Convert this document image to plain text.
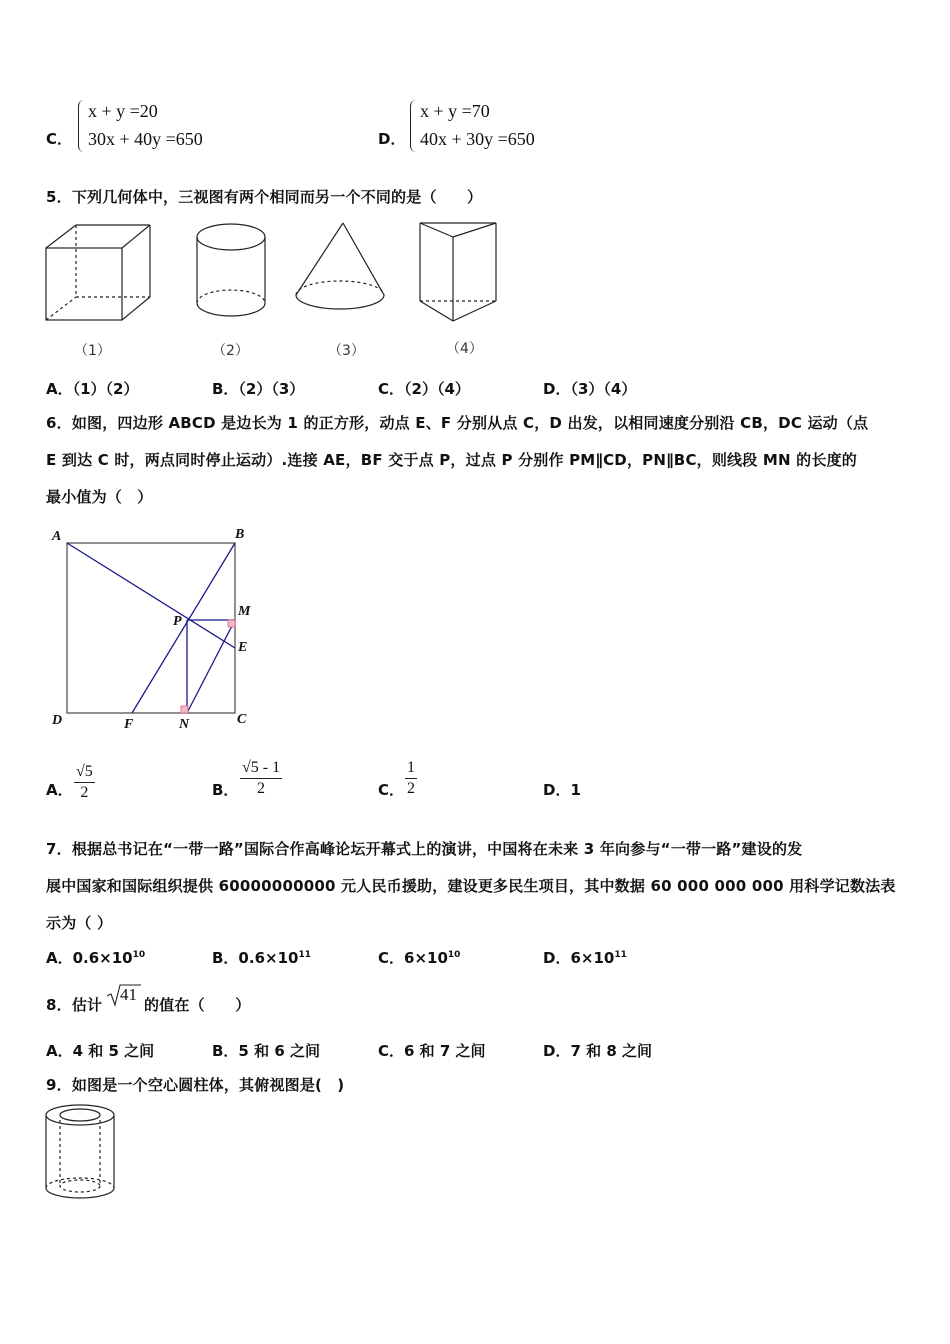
C．
x + y =20
30x + 40y =650	D．
x + y =70
40x + 30y =650
5．下列几何体中，三视图有两个相同而另一个不同的是（　　）
（1）	（2）	（3）	（4）
A．（1）（2）	B．（2）（3）	C．（2）（4）	D．（3）（4）
6．如图，四边形 ABCD 是边长为 1 的正方形，动点 E、F 分别从点 C，D 出发，以相同速度分别沿 CB，DC 运动（点
E 到达 C 时，两点同时停止运动）.连接 AE，BF 交于点 P，过点 P 分别作 PM∥CD，PN∥BC，则线段 MN 的长度的
最小值为（　）
A	B
C
D
P
M
E
F	N
A． $\frac{√5}{2}$	B． $\frac{√5 - 1}{2}$	C． $\frac{1}{2}$	D．1
7．根据总书记在“一带一路”国际合作高峰论坛开幕式上的演讲，中国将在未来 3 年向参与“一带一路”建设的发
展中国家和国际组织提供 60000000000 元人民币援助，建设更多民生项目，其中数据 60 000 000 000 用科学记数法表
示为（ ）
A．$0.6\times 10^{10}$	B．$0.6\times 10^{11}$	C．$6\times 10^{10}$	D．$6\times 10^{11}$
8．估计
41
的值在（　　）
A．4 和 5 之间	B．5 和 6 之间	C．6 和 7 之间	D．7 和 8 之间
9．如图是一个空心圆柱体，其俯视图是(　)
